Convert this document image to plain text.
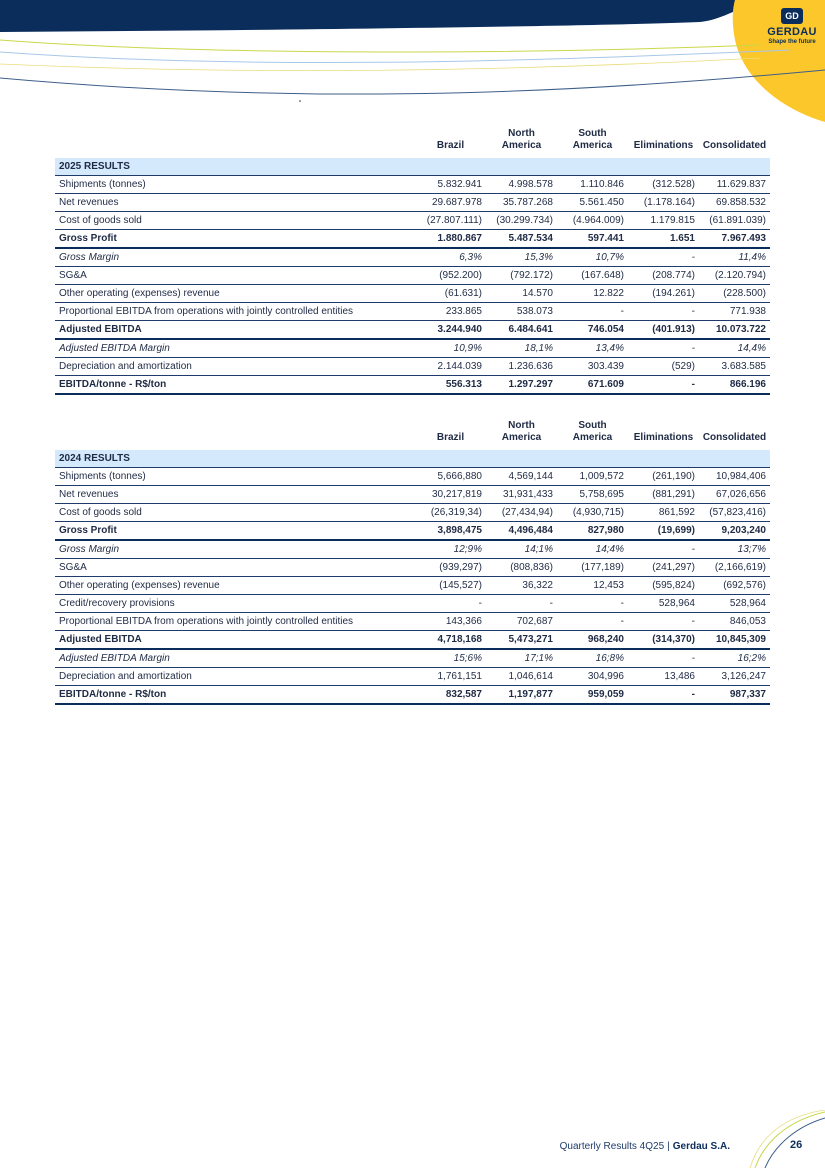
GD
GERDAU
Shape the future
	Brazil	North America	South America	Eliminations	Consolidated
2025 RESULTS					
Shipments (tonnes)	5.832.941	4.998.578	1.110.846	(312.528)	11.629.837
Net revenues	29.687.978	35.787.268	5.561.450	(1.178.164)	69.858.532
Cost of goods sold	(27.807.111)	(30.299.734)	(4.964.009)	1.179.815	(61.891.039)
Gross Profit	1.880.867	5.487.534	597.441	1.651	7.967.493
Gross Margin	6,3%	15,3%	10,7%	-	11,4%
SG&A	(952.200)	(792.172)	(167.648)	(208.774)	(2.120.794)
Other operating (expenses) revenue	(61.631)	14.570	12.822	(194.261)	(228.500)
Proportional EBITDA from operations with jointly controlled entities	233.865	538.073	-	-	771.938
Adjusted EBITDA	3.244.940	6.484.641	746.054	(401.913)	10.073.722
Adjusted EBITDA Margin	10,9%	18,1%	13,4%	-	14,4%
Depreciation and amortization	2.144.039	1.236.636	303.439	(529)	3.683.585
EBITDA/tonne - R$/ton	556.313	1.297.297	671.609	-	866.196
	Brazil	North America	South America	Eliminations	Consolidated
2024 RESULTS					
Shipments (tonnes)	5,666,880	4,569,144	1,009,572	(261,190)	10,984,406
Net revenues	30,217,819	31,931,433	5,758,695	(881,291)	67,026,656
Cost of goods sold	(26,319,34)	(27,434,94)	(4,930,715)	861,592	(57,823,416)
Gross Profit	3,898,475	4,496,484	827,980	(19,699)	9,203,240
Gross Margin	12;9%	14;1%	14;4%	-	13;7%
SG&A	(939,297)	(808,836)	(177,189)	(241,297)	(2,166,619)
Other operating (expenses) revenue	(145,527)	36,322	12,453	(595,824)	(692,576)
Credit/recovery provisions	-	-	-	528,964	528,964
Proportional EBITDA from operations with jointly controlled entities	143,366	702,687	-	-	846,053
Adjusted EBITDA	4,718,168	5,473,271	968,240	(314,370)	10,845,309
Adjusted EBITDA Margin	15;6%	17;1%	16;8%	-	16;2%
Depreciation and amortization	1,761,151	1,046,614	304,996	13,486	3,126,247
EBITDA/tonne - R$/ton	832,587	1,197,877	959,059	-	987,337
Quarterly Results 4Q25 | Gerdau S.A.	26
